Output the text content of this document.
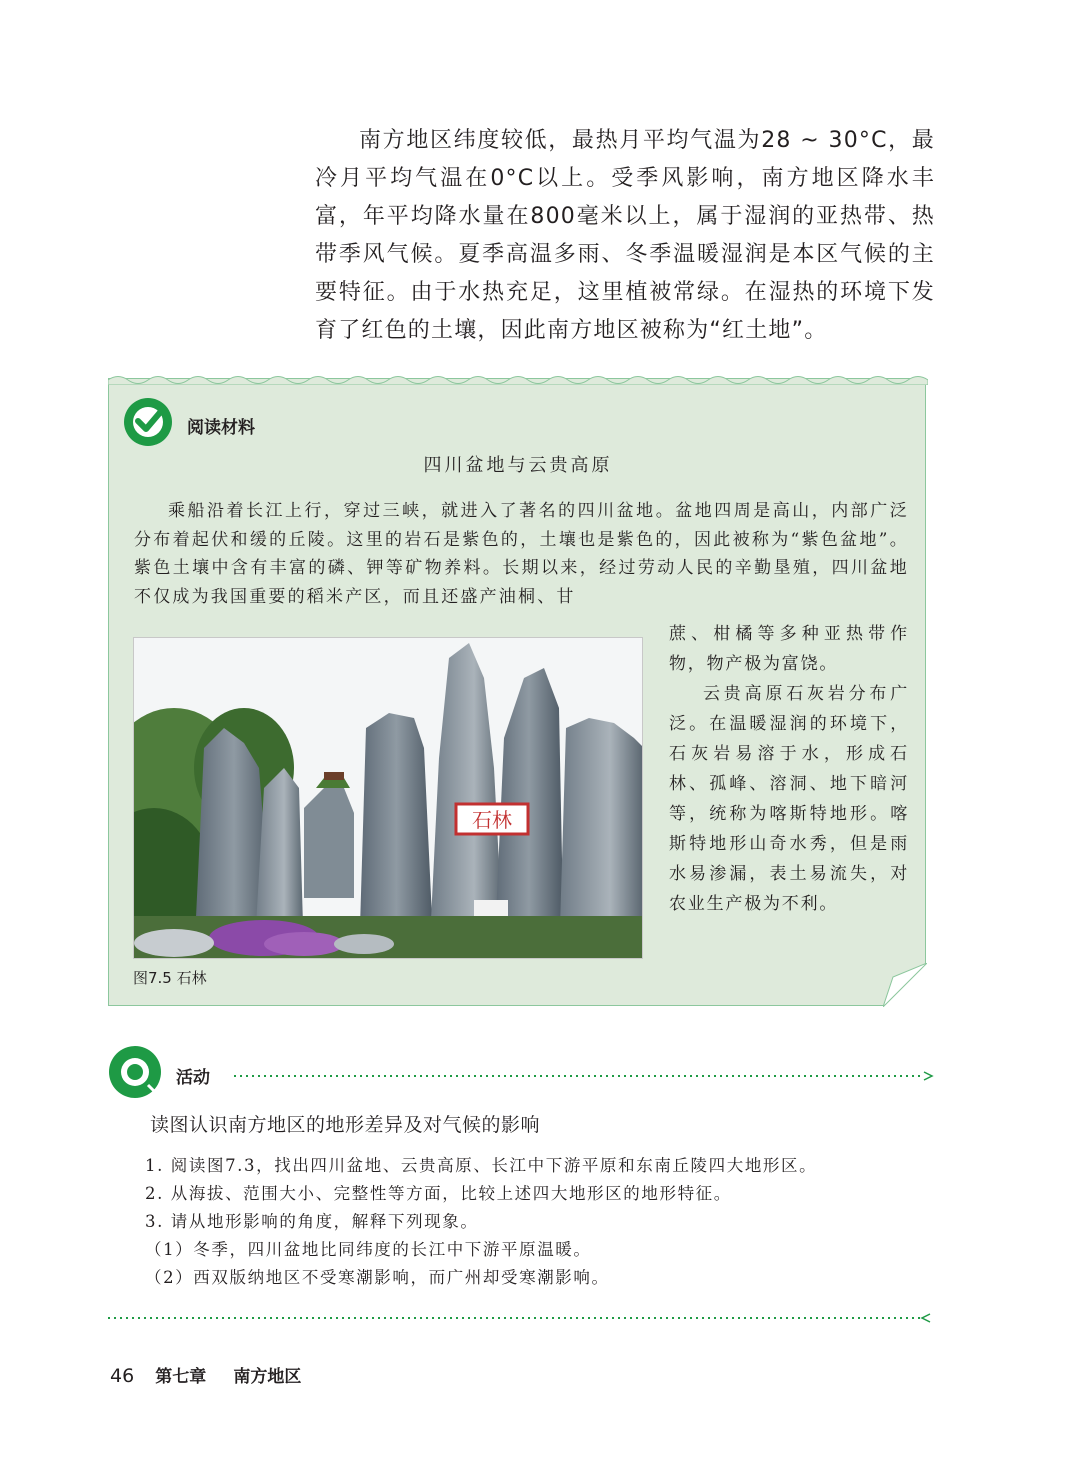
南方地区纬度较低，最热月平均气温为28 ~ 30°C，最冷月平均气温在0°C以上。受季风影响，南方地区降水丰富，年平均降水量在800毫米以上，属于湿润的亚热带、热带季风气候。夏季高温多雨、冬季温暖湿润是本区气候的主要特征。由于水热充足，这里植被常绿。在湿热的环境下发育了红色的土壤，因此南方地区被称为“红土地”。

阅读材料
四川盆地与云贵高原

乘船沿着长江上行，穿过三峡，就进入了著名的四川盆地。盆地四周是高山，内部广泛分布着起伏和缓的丘陵。这里的岩石是紫色的，土壤也是紫色的，因此被称为“紫色盆地”。紫色土壤中含有丰富的磷、钾等矿物养料。长期以来，经过劳动人民的辛勤垦殖，四川盆地不仅成为我国重要的稻米产区，而且还盛产油桐、甘

蔗、柑橘等多种亚热带作物，物产极为富饶。

云贵高原石灰岩分布广泛。在温暖湿润的环境下，石灰岩易溶于水，形成石林、孤峰、溶洞、地下暗河等，统称为喀斯特地形。喀斯特地形山奇水秀，但是雨水易渗漏，表土易流失，对农业生产极为不利。

石林
图7.5 石林
活动
读图认识南方地区的地形差异及对气候的影响
1. 阅读图7.3，找出四川盆地、云贵高原、长江中下游平原和东南丘陵四大地形区。
2. 从海拔、范围大小、完整性等方面，比较上述四大地形区的地形特征。
3. 请从地形影响的角度，解释下列现象。
（1）冬季，四川盆地比同纬度的长江中下游平原温暖。
（2）西双版纳地区不受寒潮影响，而广州却受寒潮影响。
46 第七章 南方地区
